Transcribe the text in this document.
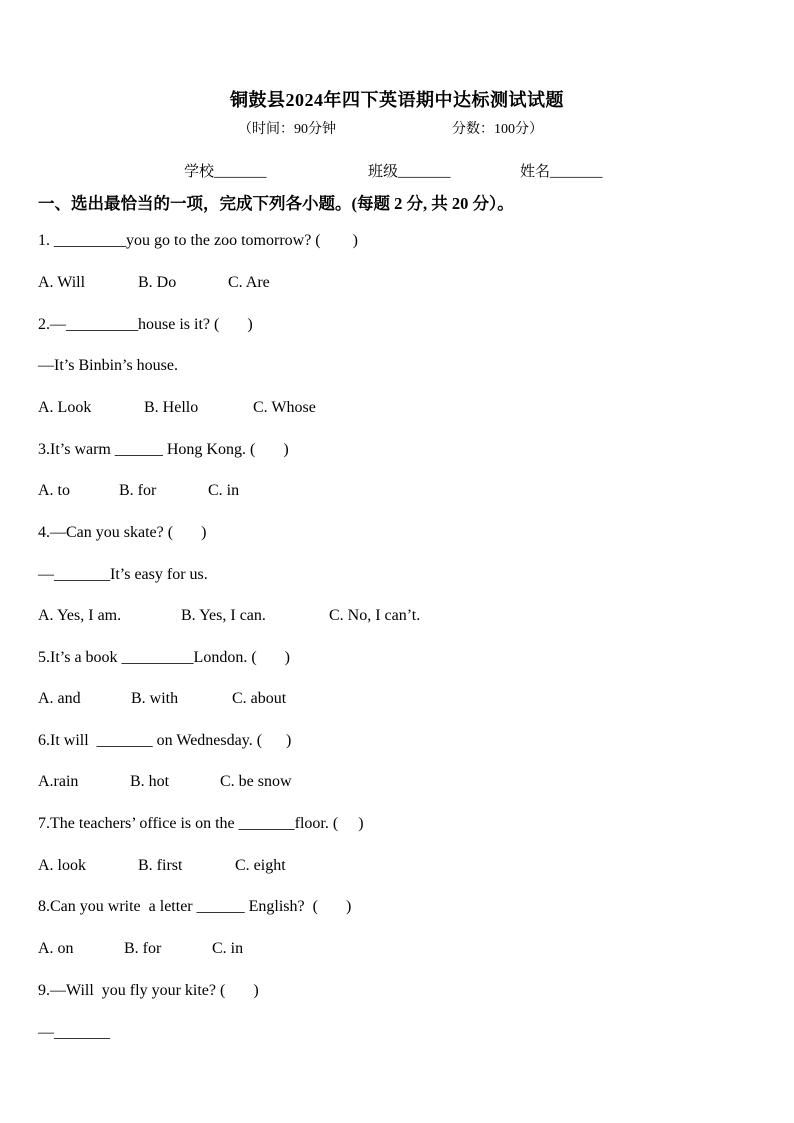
铜鼓县2024年四下英语期中达标测试试题
（时间：90分钟	分数：100分）
学校_______	班级_______	姓名_______
一、选出最恰当的一项，完成下列各小题。(每题 2 分, 共 20 分）。
1. _________you go to the zoo tomorrow? (        )
A. Will	B. Do	C. Are
2.—_________house is it? (       )
—It’s Binbin’s house.
A. Look	B. Hello	C. Whose
3.It’s warm ______ Hong Kong. (       )
A. to	B. for	C. in
4.—Can you skate? (       )
—_______It’s easy for us.
A. Yes, I am.	B. Yes, I can.	C. No, I can’t.
5.It’s a book _________London. (       )
A. and	B. with	C. about
6.It will  _______ on Wednesday. (      )
A.rain	B. hot	C. be snow
7.The teachers’ office is on the _______floor. (     )
A. look	B. first	C. eight
8.Can you write  a letter ______ English?  (       )
A. on	B. for	C. in
9.—Will  you fly your kite? (       )
—_______
